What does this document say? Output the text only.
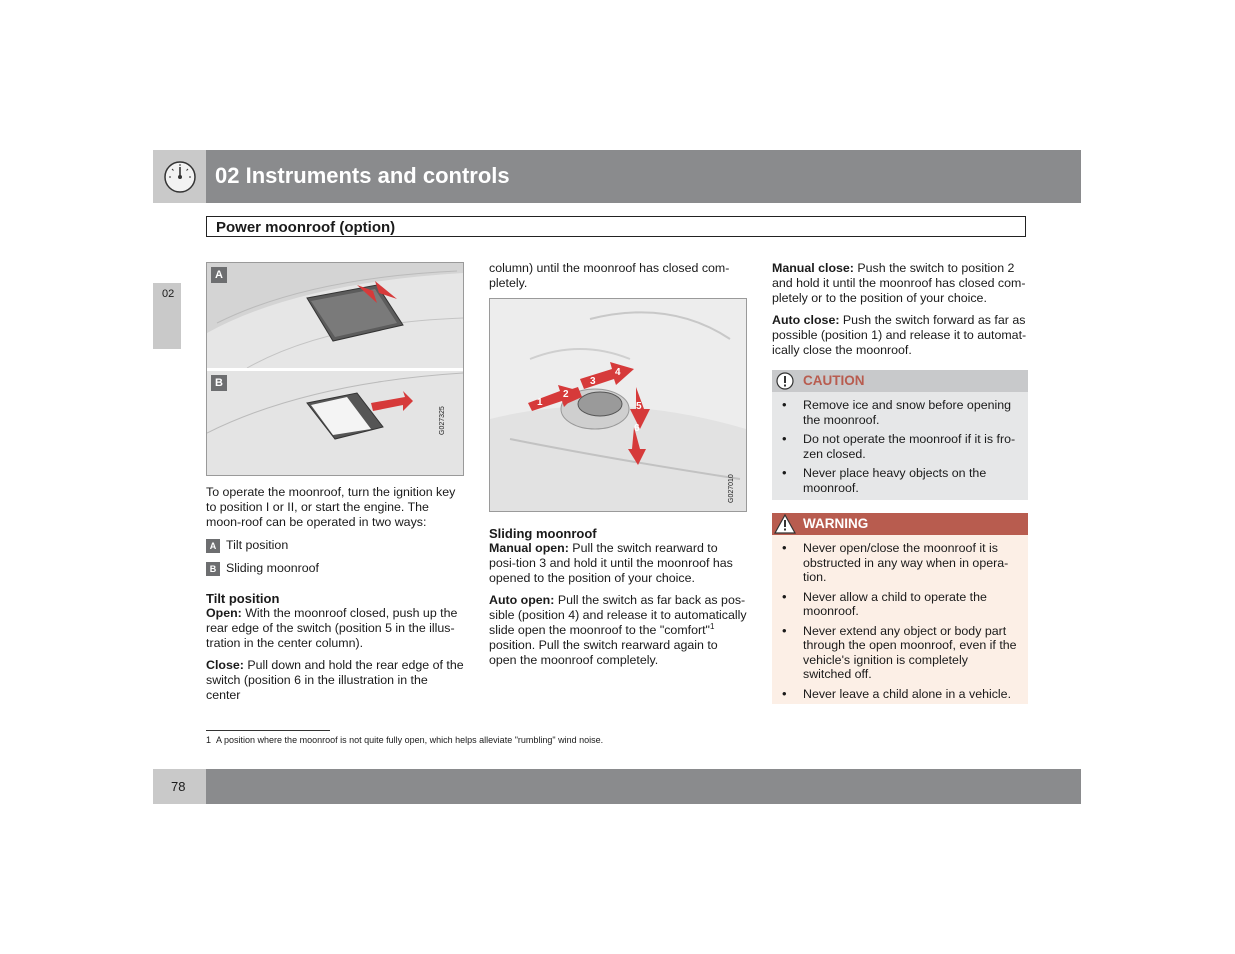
02 Instruments and controls
Power moonroof (option)
02
A
B
G027325
1
2
3
4
5
6
G027010

To operate the moonroof, turn the ignition key to position I or II, or start the engine. The moon-roof can be operated in two ways:

A Tilt position
B Sliding moonroof
Tilt position

Open: With the moonroof closed, push up the rear edge of the switch (position 5 in the illus-tration in the center column).

Close: Pull down and hold the rear edge of the switch (position 6 in the illustration in the center

column) until the moonroof has closed com-pletely.

Sliding moonroof

Manual open: Pull the switch rearward to posi-tion 3 and hold it until the moonroof has opened to the position of your choice.

Auto open: Pull the switch as far back as pos-sible (position 4) and release it to automatically slide open the moonroof to the "comfort"$^1$ position. Pull the switch rearward again to open the moonroof completely.

Manual close: Push the switch to position 2 and hold it until the moonroof has closed com-pletely or to the position of your choice.

Auto close: Push the switch forward as far as possible (position 1) and release it to automat-ically close the moonroof.

CAUTION
• Remove ice and snow before opening the moonroof.
• Do not operate the moonroof if it is fro-zen closed.
• Never place heavy objects on the moonroof.
WARNING
• Never open/close the moonroof it is obstructed in any way when in opera-tion.
• Never allow a child to operate the moonroof.
• Never extend any object or body part through the open moonroof, even if the vehicle's ignition is completely switched off.
• Never leave a child alone in a vehicle.
1 A position where the moonroof is not quite fully open, which helps alleviate "rumbling" wind noise.
78
